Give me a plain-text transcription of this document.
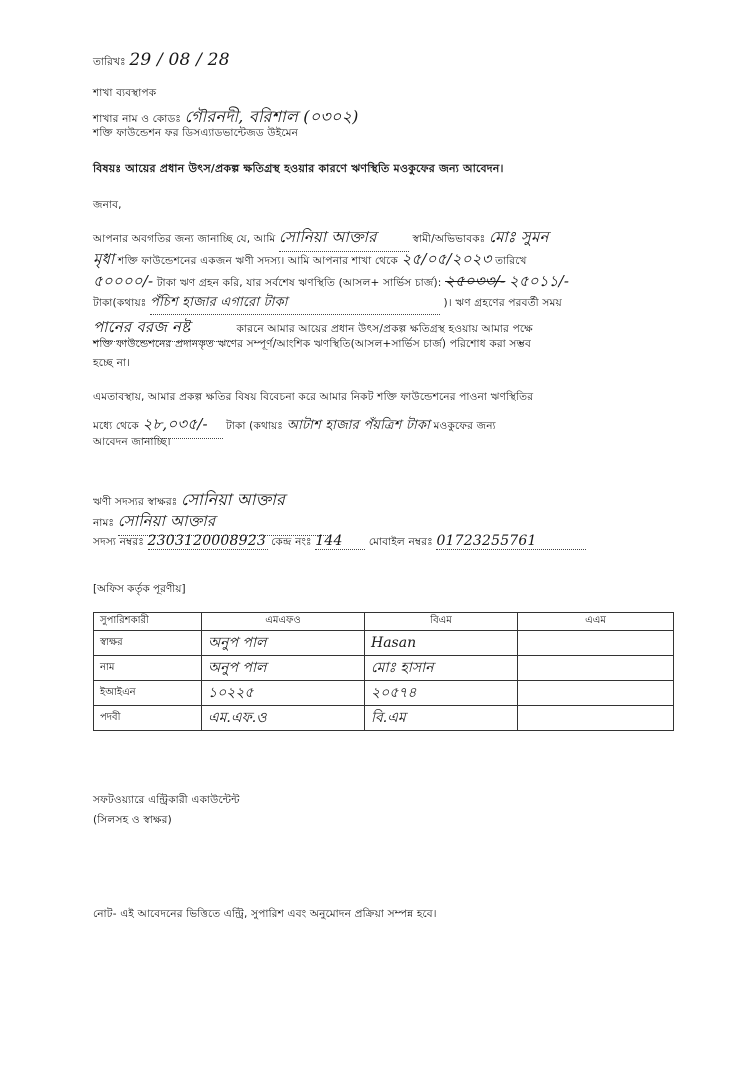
তারিখঃ 29 / 08 / 28
শাখা ব্যবস্থাপক
শাখার নাম ও কোডঃ গৌরনদী, বরিশাল (০৩০২)
শক্তি ফাউন্ডেশন ফর ডিসএ্যাডভান্টেজড উইমেন
বিষয়ঃ আয়ের প্রধান উৎস/প্রকল্প ক্ষতিগ্রস্থ হওয়ার কারণে ঋণস্থিতি মওকুফের জন্য আবেদন।
জনাব,
আপনার অবগতির জন্য জানাচ্ছি যে, আমি সোনিয়া আক্তার	স্বামী/অভিভাবকঃ মোঃ সুমন
মৃধা শক্তি ফাউন্ডেশনের একজন ঋণী সদস্য। আমি আপনার শাখা থেকে ২৫/০৫/২০২৩ তারিখে
৫০০০০/- টাকা ঋণ গ্রহন করি, যার সর্বশেষ ঋণস্থিতি (আসল+ সার্ভিস চার্জ): ২৫০৩৩/- ২৫০১১/-
টাকা(কথায়ঃ পঁচিশ হাজার এগারো টাকা	)। ঋণ গ্রহণের পরবর্তী সময়
পানের বরজ নষ্ট	কারনে আমার আয়ের প্রধান উৎস/প্রকল্প ক্ষতিগ্রস্থ হওয়ায় আমার পক্ষে
শক্তি ফাউন্ডেশনের প্রদানকৃত ঋণের সম্পূর্ণ/আংশিক ঋণস্থিতি(আসল+সার্ভিস চার্জ) পরিশোধ করা সম্ভব
হচ্ছে না।
এমতাবস্থায়, আমার প্রকল্প ক্ষতির বিষয় বিবেচনা করে আমার নিকট শক্তি ফাউন্ডেশনের পাওনা ঋণস্থিতির
মধ্যে থেকে ২৮,০৩৫/- টাকা (কথায়ঃ আটাশ হাজার পঁয়ত্রিশ টাকা মওকুফের জন্য
আবেদন জানাচ্ছি।
ঋণী সদস্যর স্বাক্ষরঃ সোনিয়া আক্তার
নামঃ সোনিয়া আক্তার
সদস্য নম্বরঃ 2303120008923 কেন্দ্র নংঃ 144 মোবাইল নম্বরঃ 01723255761
[অফিস কর্তৃক পূরণীয়]
সুপারিশকারী	এমএফও	বিএম	এএম
স্বাক্ষর	অনুপ পাল	Hasan	
নাম	অনুপ পাল	মোঃ হাসান	
ইআইএন	১০২২৫	২০৫৭৪	
পদবী	এম.এফ.ও	বি.এম	
সফটওয়্যারে এন্ট্রিকারী একাউন্টেন্ট
(সিলসহ ও স্বাক্ষর)
নোট- এই আবেদনের ভিত্তিতে এন্ট্রি, সুপারিশ এবং অনুমোদন প্রক্রিয়া সম্পন্ন হবে।
